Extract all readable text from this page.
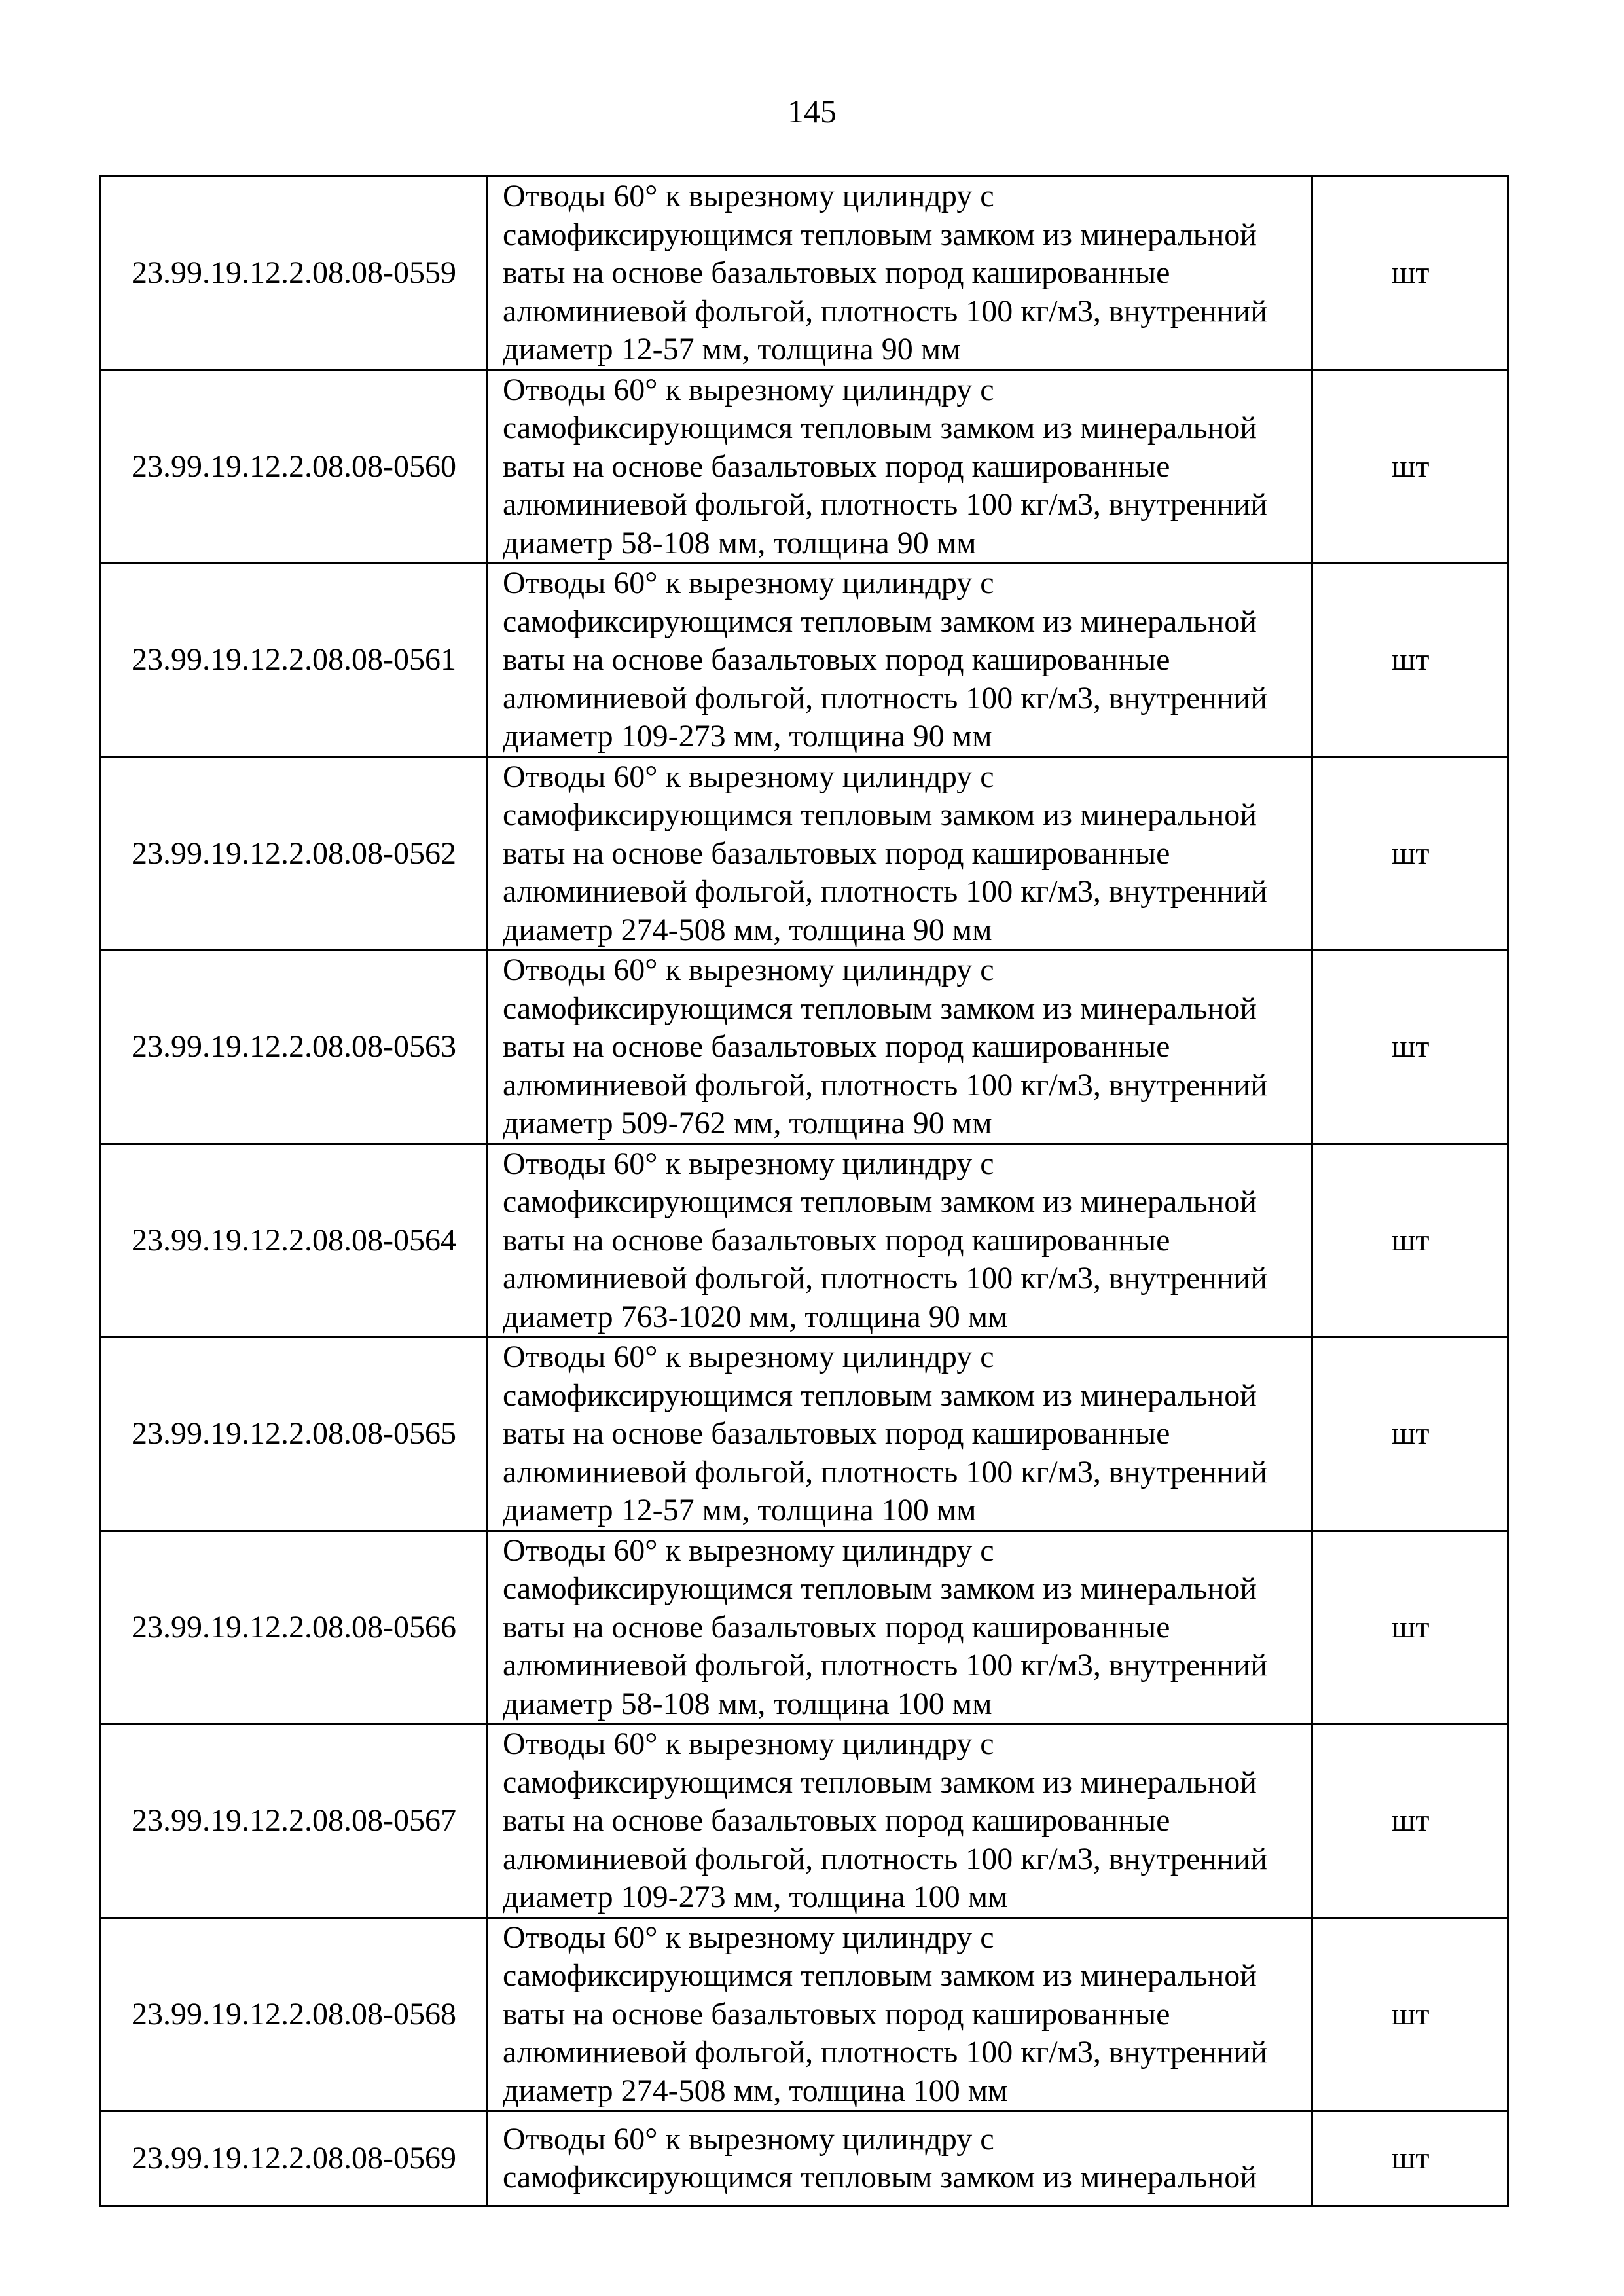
145
23.99.19.12.2.08.08-0559	Отводы 60° к вырезному цилиндру с
самофиксирующимся тепловым замком из минеральной
ваты на основе базальтовых пород кашированные
алюминиевой фольгой, плотность 100 кг/м3, внутренний
диаметр 12-57 мм, толщина 90 мм	шт
23.99.19.12.2.08.08-0560	Отводы 60° к вырезному цилиндру с
самофиксирующимся тепловым замком из минеральной
ваты на основе базальтовых пород кашированные
алюминиевой фольгой, плотность 100 кг/м3, внутренний
диаметр 58-108 мм, толщина 90 мм	шт
23.99.19.12.2.08.08-0561	Отводы 60° к вырезному цилиндру с
самофиксирующимся тепловым замком из минеральной
ваты на основе базальтовых пород кашированные
алюминиевой фольгой, плотность 100 кг/м3, внутренний
диаметр 109-273 мм, толщина 90 мм	шт
23.99.19.12.2.08.08-0562	Отводы 60° к вырезному цилиндру с
самофиксирующимся тепловым замком из минеральной
ваты на основе базальтовых пород кашированные
алюминиевой фольгой, плотность 100 кг/м3, внутренний
диаметр 274-508 мм, толщина 90 мм	шт
23.99.19.12.2.08.08-0563	Отводы 60° к вырезному цилиндру с
самофиксирующимся тепловым замком из минеральной
ваты на основе базальтовых пород кашированные
алюминиевой фольгой, плотность 100 кг/м3, внутренний
диаметр 509-762 мм, толщина 90 мм	шт
23.99.19.12.2.08.08-0564	Отводы 60° к вырезному цилиндру с
самофиксирующимся тепловым замком из минеральной
ваты на основе базальтовых пород кашированные
алюминиевой фольгой, плотность 100 кг/м3, внутренний
диаметр 763-1020 мм, толщина 90 мм	шт
23.99.19.12.2.08.08-0565	Отводы 60° к вырезному цилиндру с
самофиксирующимся тепловым замком из минеральной
ваты на основе базальтовых пород кашированные
алюминиевой фольгой, плотность 100 кг/м3, внутренний
диаметр 12-57 мм, толщина 100 мм	шт
23.99.19.12.2.08.08-0566	Отводы 60° к вырезному цилиндру с
самофиксирующимся тепловым замком из минеральной
ваты на основе базальтовых пород кашированные
алюминиевой фольгой, плотность 100 кг/м3, внутренний
диаметр 58-108 мм, толщина 100 мм	шт
23.99.19.12.2.08.08-0567	Отводы 60° к вырезному цилиндру с
самофиксирующимся тепловым замком из минеральной
ваты на основе базальтовых пород кашированные
алюминиевой фольгой, плотность 100 кг/м3, внутренний
диаметр 109-273 мм, толщина 100 мм	шт
23.99.19.12.2.08.08-0568	Отводы 60° к вырезному цилиндру с
самофиксирующимся тепловым замком из минеральной
ваты на основе базальтовых пород кашированные
алюминиевой фольгой, плотность 100 кг/м3, внутренний
диаметр 274-508 мм, толщина 100 мм	шт
23.99.19.12.2.08.08-0569	Отводы 60° к вырезному цилиндру с
самофиксирующимся тепловым замком из минеральной	шт
